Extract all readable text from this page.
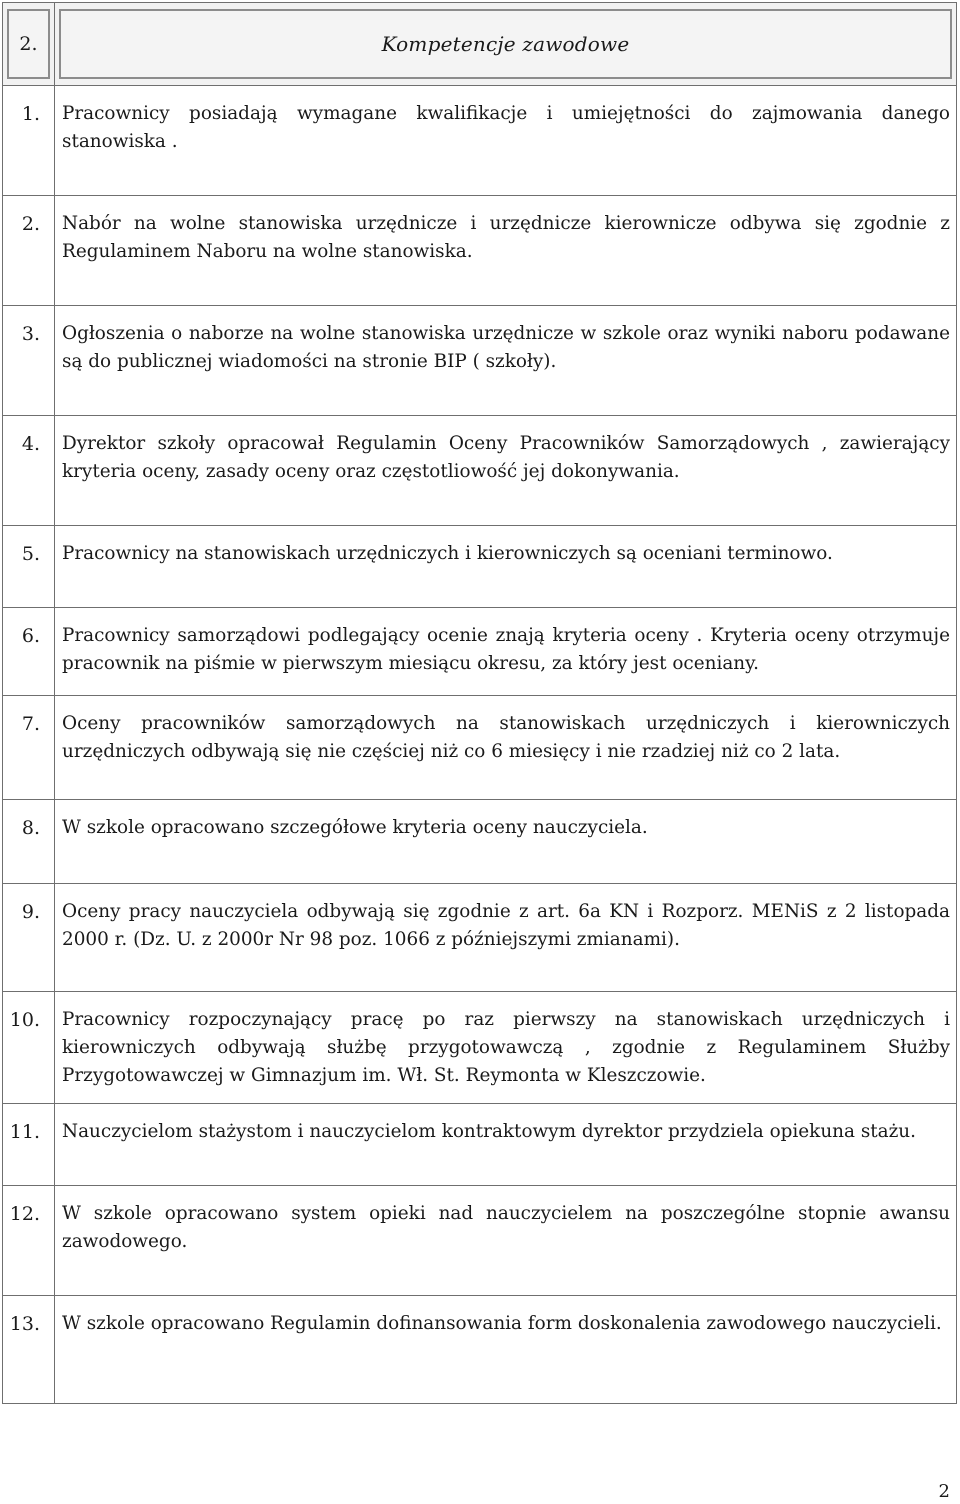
2.	Kompetencje zawodowe

1.	Pracownicy posiadają wymagane kwalifikacje i umiejętności do zajmowania danego stanowiska .
2.	Nabór na wolne stanowiska urzędnicze i urzędnicze kierownicze odbywa się zgodnie z Regulaminem Naboru na wolne stanowiska.
3.	Ogłoszenia o naborze na wolne stanowiska urzędnicze w szkole oraz wyniki naboru podawane są do publicznej wiadomości na stronie BIP ( szkoły).
4.	Dyrektor szkoły opracował Regulamin Oceny Pracowników Samorządowych , zawierający kryteria oceny, zasady oceny oraz częstotliowość jej dokonywania.
5.	Pracownicy na stanowiskach urzędniczych i kierowniczych są oceniani terminowo.
6.	Pracownicy samorządowi podlegający ocenie znają kryteria oceny . Kryteria oceny otrzymuje pracownik na piśmie w pierwszym miesiącu okresu, za który jest oceniany.
7.	Oceny pracowników samorządowych na stanowiskach urzędniczych i kierowniczych urzędniczych odbywają się nie częściej niż co 6 miesięcy i nie rzadziej niż co 2 lata.
8.	W szkole opracowano szczegółowe kryteria oceny nauczyciela.
9.	Oceny pracy nauczyciela odbywają się zgodnie z art. 6a KN i Rozporz. MENiS z 2 listopada 2000 r. (Dz. U. z 2000r Nr 98 poz. 1066 z późniejszymi zmianami).
10.	Pracownicy rozpoczynający pracę po raz pierwszy na stanowiskach urzędniczych i kierowniczych odbywają służbę przygotowawczą , zgodnie z Regulaminem Służby Przygotowawczej w Gimnazjum im. Wł. St. Reymonta w Kleszczowie.
11.	Nauczycielom stażystom i nauczycielom kontraktowym dyrektor przydziela opiekuna stażu.
12.	W szkole opracowano system opieki nad nauczycielem na poszczególne stopnie awansu zawodowego.
13.	W szkole opracowano Regulamin dofinansowania form doskonalenia zawodowego nauczycieli.
2
